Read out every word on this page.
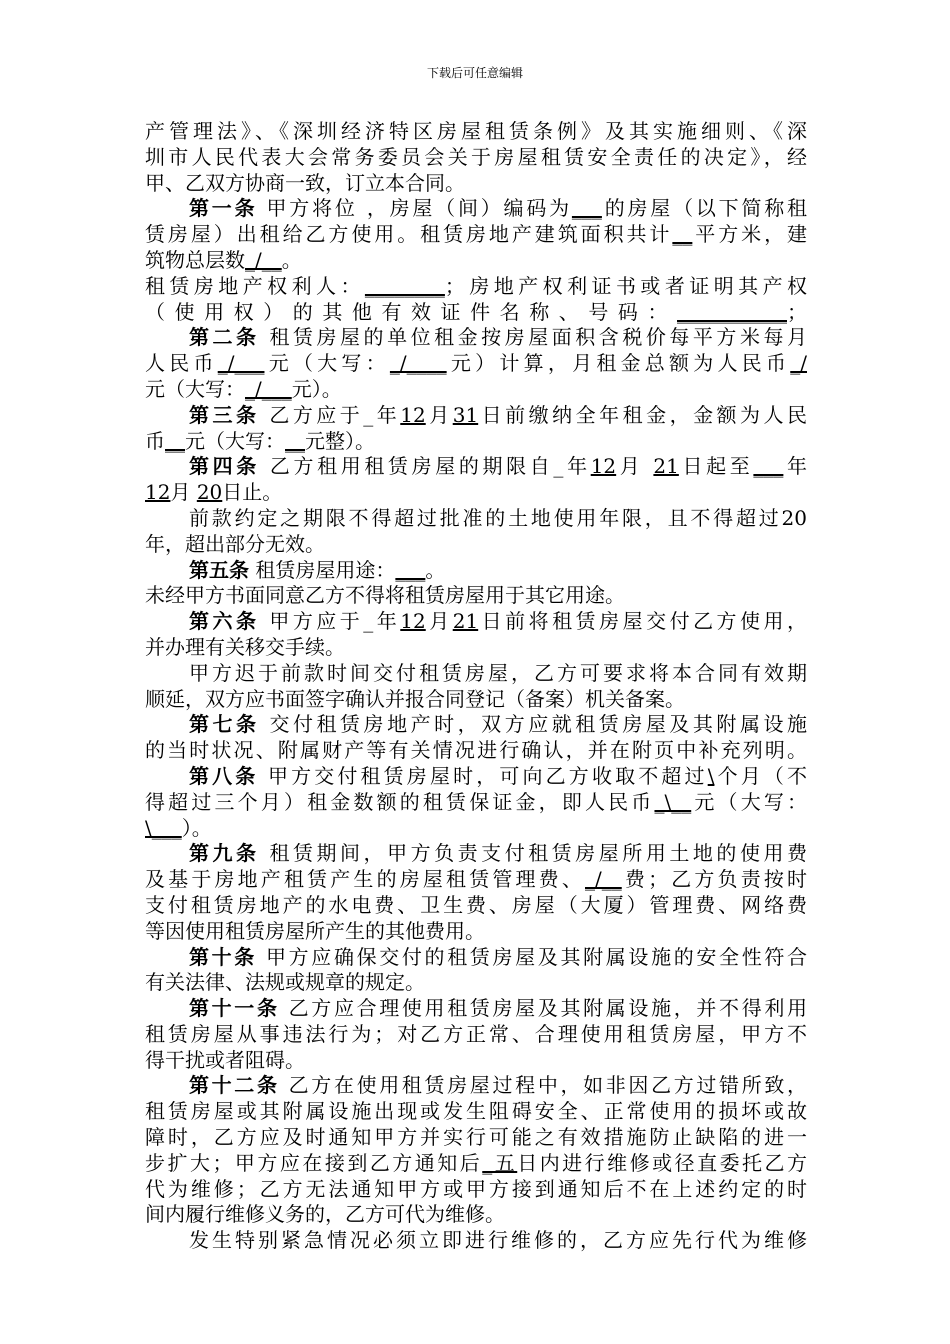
下载后可任意编辑
产管理法》、《深圳经济特区房屋租赁条例》及其实施细则、《深
圳市人民代表大会常务委员会关于房屋租赁安全责任的决定》，经
甲、乙双方协商一致，订立本合同。
第一条 甲方将位 ，房屋（间）编码为___的房屋（以下简称租
赁房屋）出租给乙方使用。租赁房地产建筑面积共计__平方米，建
筑物总层数_/__。
租赁房地产权利人：________；房地产权利证书或者证明其产权
（使用权）的其他有效证件名称、号码：___________；
第二条 租赁房屋的单位租金按房屋面积含税价每平方米每月
人民币_/___元（大写：_/____元）计算，月租金总额为人民币_/
元（大写：_/___元）。
第三条 乙方应于_年12月31日前缴纳全年租金，金额为人民
币__元（大写：__元整）。
第四条 乙方租用租赁房屋的期限自_年12月 21日起至___年
12月 20日止。
前款约定之期限不得超过批准的土地使用年限，且不得超过20
年，超出部分无效。
第五条 租赁房屋用途：___。
未经甲方书面同意乙方不得将租赁房屋用于其它用途。
第六条 甲方应于_年12月21日前将租赁房屋交付乙方使用，
并办理有关移交手续。
甲方迟于前款时间交付租赁房屋，乙方可要求将本合同有效期
顺延，双方应书面签字确认并报合同登记（备案）机关备案。
第七条 交付租赁房地产时，双方应就租赁房屋及其附属设施
的当时状况、附属财产等有关情况进行确认，并在附页中补充列明。
第八条 甲方交付租赁房屋时，可向乙方收取不超过\个月（不
得超过三个月）租金数额的租赁保证金，即人民币_\__元（大写：
\___）。
第九条 租赁期间，甲方负责支付租赁房屋所用土地的使用费
及基于房地产租赁产生的房屋租赁管理费、_/__费；乙方负责按时
支付租赁房地产的水电费、卫生费、房屋（大厦）管理费、网络费
等因使用租赁房屋所产生的其他费用。
第十条 甲方应确保交付的租赁房屋及其附属设施的安全性符合
有关法律、法规或规章的规定。
第十一条 乙方应合理使用租赁房屋及其附属设施，并不得利用
租赁房屋从事违法行为；对乙方正常、合理使用租赁房屋，甲方不
得干扰或者阻碍。
第十二条 乙方在使用租赁房屋过程中，如非因乙方过错所致，
租赁房屋或其附属设施出现或发生阻碍安全、正常使用的损坏或故
障时，乙方应及时通知甲方并实行可能之有效措施防止缺陷的进一
步扩大；甲方应在接到乙方通知后_五日内进行维修或径直委托乙方
代为维修；乙方无法通知甲方或甲方接到通知后不在上述约定的时
间内履行维修义务的，乙方可代为维修。
发生特别紧急情况必须立即进行维修的，乙方应先行代为维修
